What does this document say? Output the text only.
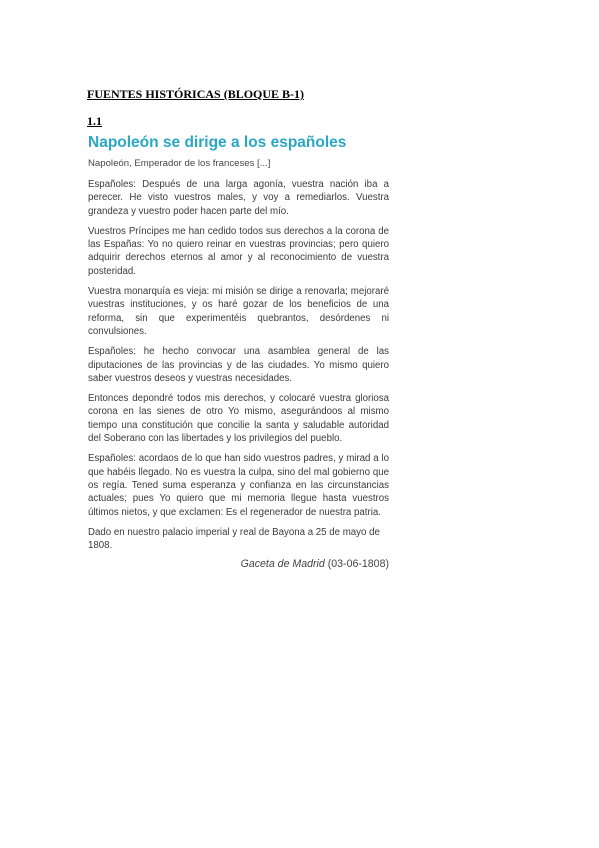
FUENTES HISTÓRICAS (BLOQUE B-1)
1.1
Napoleón se dirige a los españoles

Napoleón, Emperador de los franceses [...]

Españoles: Después de una larga agonía, vuestra nación iba a perecer. He visto vuestros males, y voy a remediarlos. Vuestra grandeza y vuestro poder hacen parte del mío.

Vuestros Príncipes me han cedido todos sus derechos a la corona de las Españas: Yo no quiero reinar en vuestras provincias; pero quiero adquirir derechos eternos al amor y al reconocimiento de vuestra posteridad.

Vuestra monarquía es vieja: mi misión se dirige a renovarla; mejoraré vuestras instituciones, y os haré gozar de los beneficios de una reforma, sin que experimentéis quebrantos, desórdenes ni convulsiones.

Españoles: he hecho convocar una asamblea general de las diputaciones de las provincias y de las ciudades. Yo mismo quiero saber vuestros deseos y vuestras necesidades.

Entonces depondré todos mis derechos, y colocaré vuestra gloriosa corona en las sienes de otro Yo mismo, asegurándoos al mismo tiempo una constitución que concilie la santa y saludable autoridad del Soberano con las libertades y los privilegios del pueblo.

Españoles: acordaos de lo que han sido vuestros padres, y mirad a lo que habéis llegado. No es vuestra la culpa, sino del mal gobierno que os regía. Tened suma esperanza y confianza en las circunstancias actuales; pues Yo quiero que mi memoria llegue hasta vuestros últimos nietos, y que exclamen: Es el regenerador de nuestra patria.

Dado en nuestro palacio imperial y real de Bayona a 25 de mayo de 1808.

Gaceta de Madrid (03-06-1808)
